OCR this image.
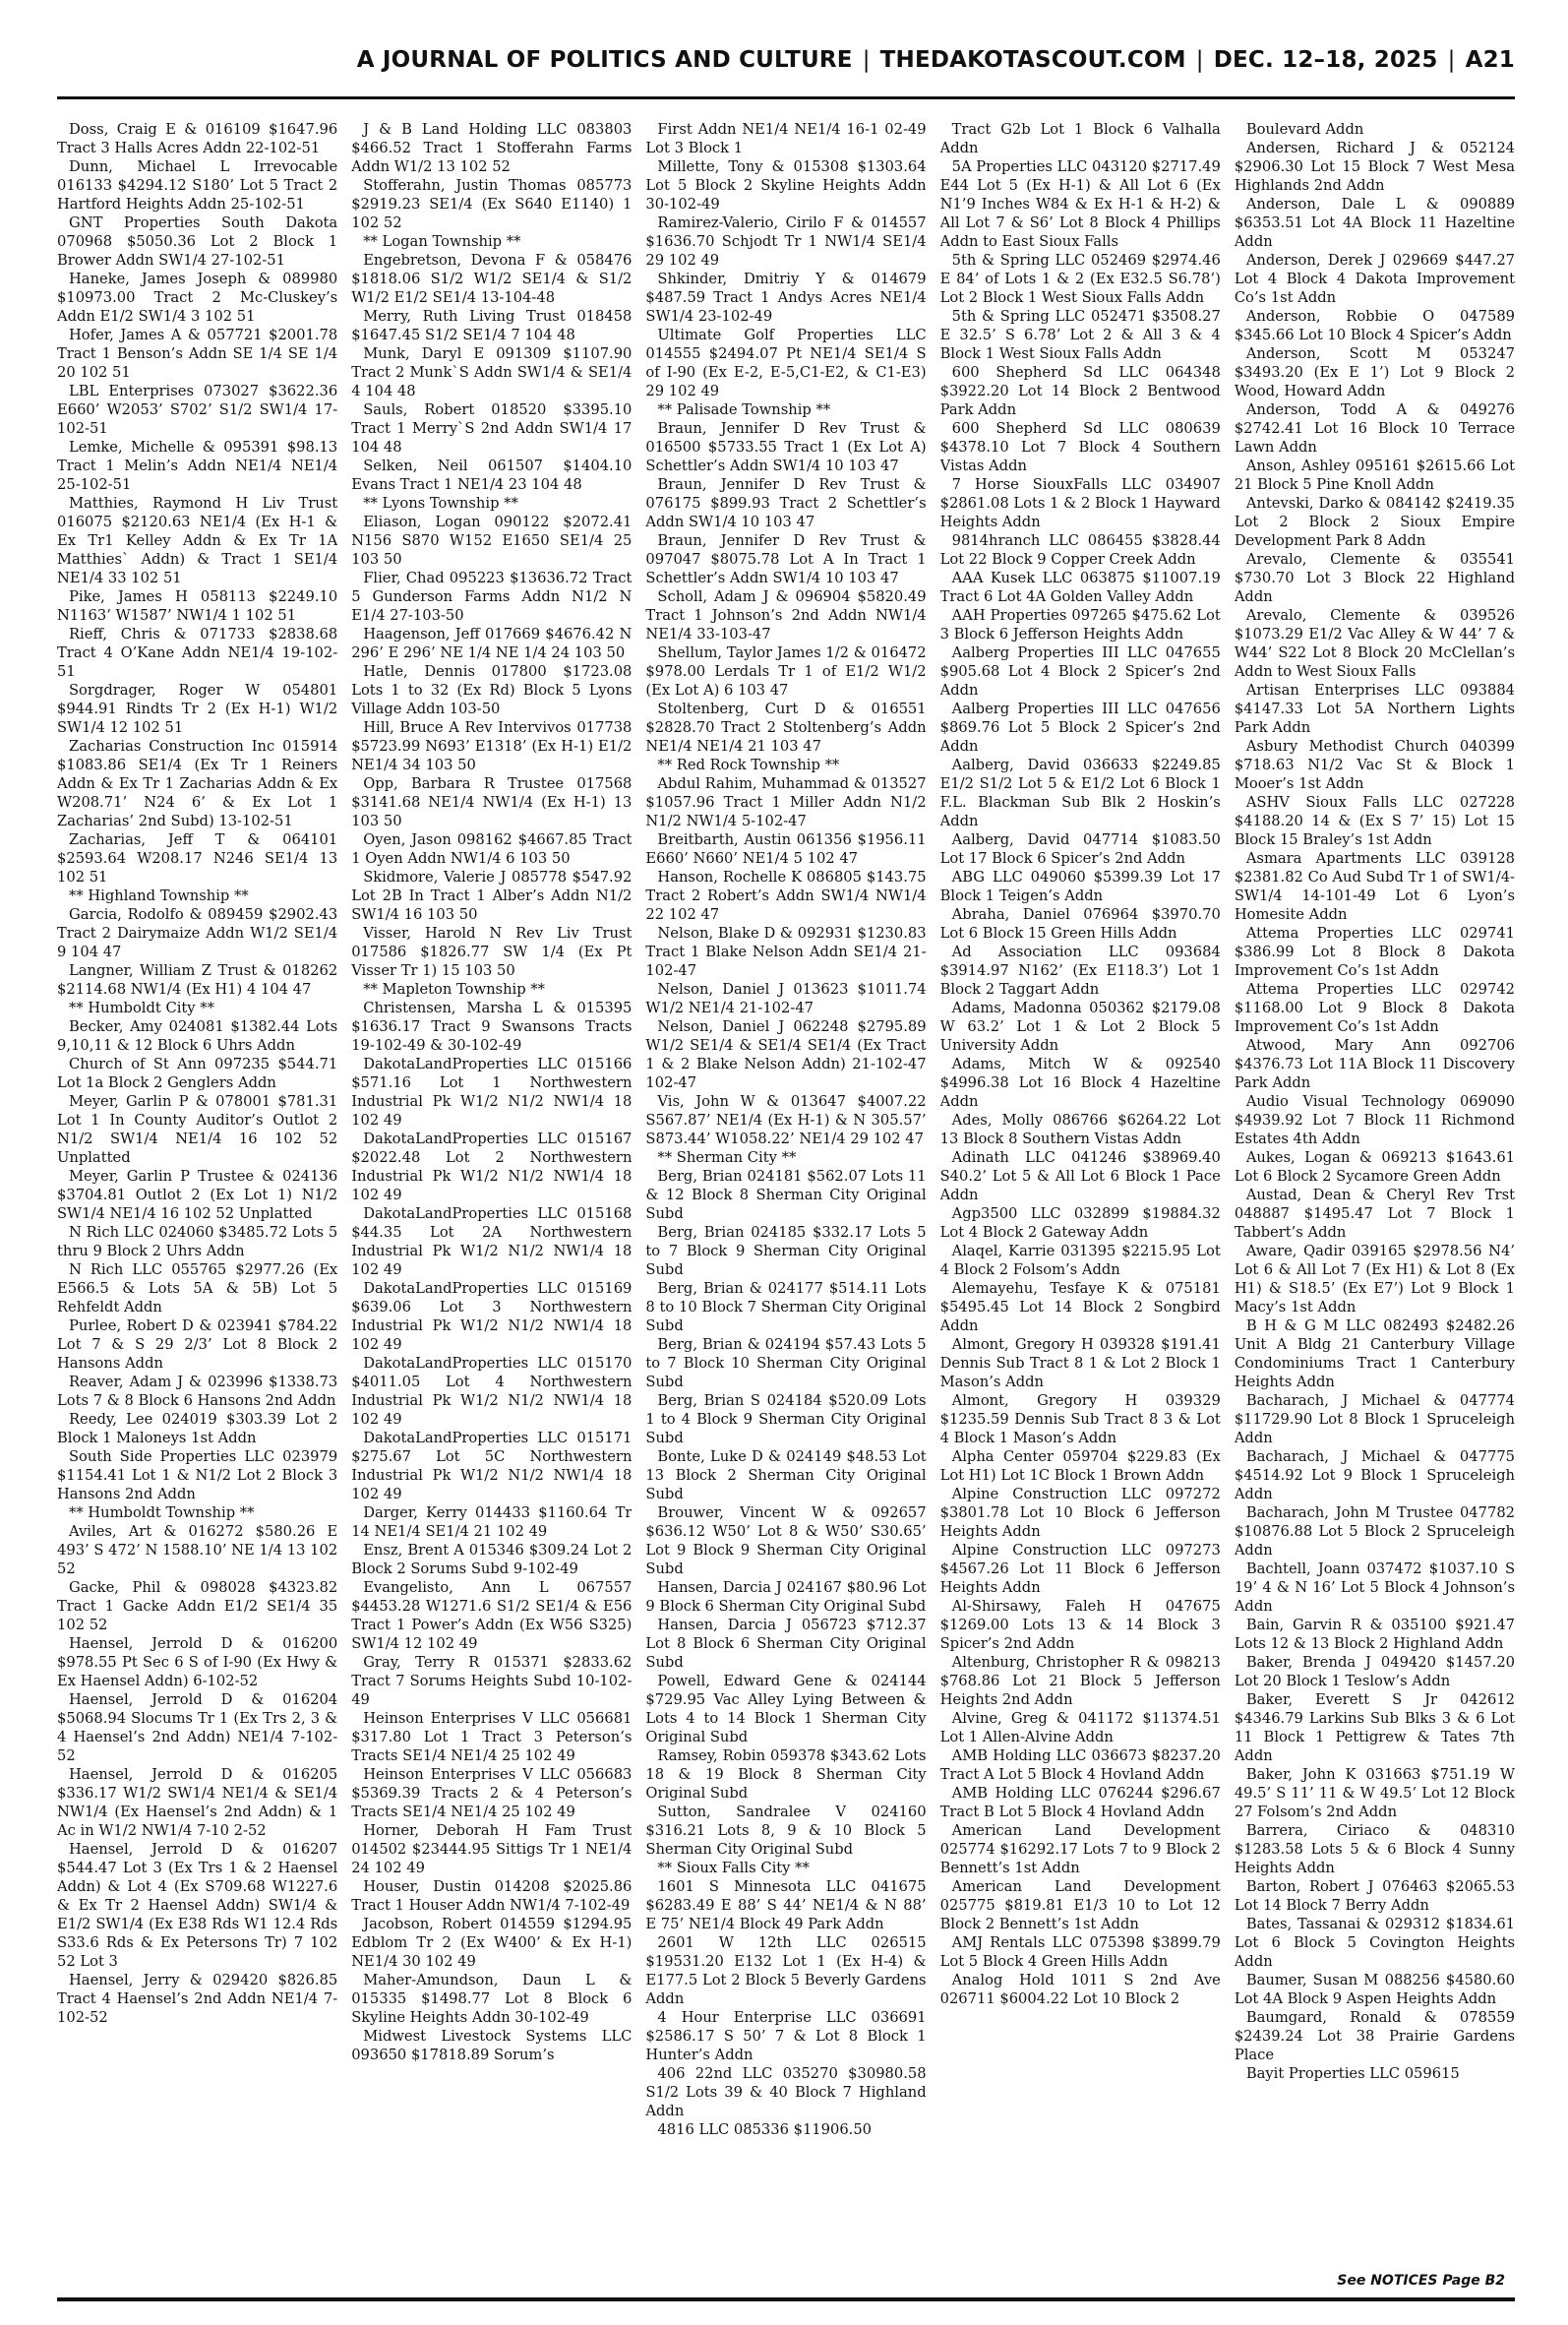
A JOURNAL OF POLITICS AND CULTURE | THEDAKOTASCOUT.COM | DEC. 12–18, 2025 | A21

Doss, Craig E & 016109 $1647.96 Tract 3 Halls Acres Addn 22-102-51

Dunn, Michael L Irrevocable 016133 $4294.12 S180’ Lot 5 Tract 2 Hartford Heights Addn 25-102-51

GNT Properties South Dakota 070968 $5050.36 Lot 2 Block 1 Brower Addn SW1/4 27-102-51

Haneke, James Joseph & 089980 $10973.00 Tract 2 Mc-Cluskey’s Addn E1/2 SW1/4 3 102 51

Hofer, James A & 057721 $2001.78 Tract 1 Benson’s Addn SE 1/4 SE 1/4 20 102 51

LBL Enterprises 073027 $3622.36 E660’ W2053’ S702’ S1/2 SW1/4 17-102-51

Lemke, Michelle & 095391 $98.13 Tract 1 Melin’s Addn NE1/4 NE1/4 25-102-51

Matthies, Raymond H Liv Trust 016075 $2120.63 NE1/4 (Ex H-1 & Ex Tr1 Kelley Addn & Ex Tr 1A Matthies` Addn) & Tract 1 SE1/4 NE1/4 33 102 51

Pike, James H 058113 $2249.10 N1163’ W1587’ NW1/4 1 102 51

Rieff, Chris & 071733 $2838.68 Tract 4 O’Kane Addn NE1/4 19-102-51

Sorgdrager, Roger W 054801 $944.91 Rindts Tr 2 (Ex H-1) W1/2 SW1/4 12 102 51

Zacharias Construction Inc 015914 $1083.86 SE1/4 (Ex Tr 1 Reiners Addn & Ex Tr 1 Zacharias Addn & Ex W208.71’ N24 6’ & Ex Lot 1 Zacharias’ 2nd Subd) 13-102-51

Zacharias, Jeff T & 064101 $2593.64 W208.17 N246 SE1/4 13 102 51

** Highland Township **

Garcia, Rodolfo & 089459 $2902.43 Tract 2 Dairymaize Addn W1/2 SE1/4 9 104 47

Langner, William Z Trust & 018262 $2114.68 NW1/4 (Ex H1) 4 104 47

** Humboldt City **

Becker, Amy 024081 $1382.44 Lots 9,10,11 & 12 Block 6 Uhrs Addn

Church of St Ann 097235 $544.71 Lot 1a Block 2 Genglers Addn

Meyer, Garlin P & 078001 $781.31 Lot 1 In County Auditor’s Outlot 2 N1/2 SW1/4 NE1/4 16 102 52 Unplatted

Meyer, Garlin P Trustee & 024136 $3704.81 Outlot 2 (Ex Lot 1) N1/2 SW1/4 NE1/4 16 102 52 Unplatted

N Rich LLC 024060 $3485.72 Lots 5 thru 9 Block 2 Uhrs Addn

N Rich LLC 055765 $2977.26 (Ex E566.5 & Lots 5A & 5B) Lot 5 Rehfeldt Addn

Purlee, Robert D & 023941 $784.22 Lot 7 & S 29 2/3’ Lot 8 Block 2 Hansons Addn

Reaver, Adam J & 023996 $1338.73 Lots 7 & 8 Block 6 Hansons 2nd Addn

Reedy, Lee 024019 $303.39 Lot 2 Block 1 Maloneys 1st Addn

South Side Properties LLC 023979 $1154.41 Lot 1 & N1/2 Lot 2 Block 3 Hansons 2nd Addn

** Humboldt Township **

Aviles, Art & 016272 $580.26 E 493’ S 472’ N 1588.10’ NE 1/4 13 102 52

Gacke, Phil & 098028 $4323.82 Tract 1 Gacke Addn E1/2 SE1/4 35 102 52

Haensel, Jerrold D & 016200 $978.55 Pt Sec 6 S of I-90 (Ex Hwy & Ex Haensel Addn) 6-102-52

Haensel, Jerrold D & 016204 $5068.94 Slocums Tr 1 (Ex Trs 2, 3 & 4 Haensel’s 2nd Addn) NE1/4 7-102-52

Haensel, Jerrold D & 016205 $336.17 W1/2 SW1/4 NE1/4 & SE1/4 NW1/4 (Ex Haensel’s 2nd Addn) & 1 Ac in W1/2 NW1/4 7-10 2-52

Haensel, Jerrold D & 016207 $544.47 Lot 3 (Ex Trs 1 & 2 Haensel Addn) & Lot 4 (Ex S709.68 W1227.6 & Ex Tr 2 Haensel Addn) SW1/4 & E1/2 SW1/4 (Ex E38 Rds W1 12.4 Rds S33.6 Rds & Ex Petersons Tr) 7 102 52 Lot 3

Haensel, Jerry & 029420 $826.85 Tract 4 Haensel’s 2nd Addn NE1/4 7- 102-52

J & B Land Holding LLC 083803 $466.52 Tract 1 Stofferahn Farms Addn W1/2 13 102 52

Stofferahn, Justin Thomas 085773 $2919.23 SE1/4 (Ex S640 E1140) 1 102 52

** Logan Township **

Engebretson, Devona F & 058476 $1818.06 S1/2 W1/2 SE1/4 & S1/2 W1/2 E1/2 SE1/4 13-104-48

Merry, Ruth Living Trust 018458 $1647.45 S1/2 SE1/4 7 104 48

Munk, Daryl E 091309 $1107.90 Tract 2 Munk`S Addn SW1/4 & SE1/4 4 104 48

Sauls, Robert 018520 $3395.10 Tract 1 Merry`S 2nd Addn SW1/4 17 104 48

Selken, Neil 061507 $1404.10 Evans Tract 1 NE1/4 23 104 48

** Lyons Township **

Eliason, Logan 090122 $2072.41 N156 S870 W152 E1650 SE1/4 25 103 50

Flier, Chad 095223 $13636.72 Tract 5 Gunderson Farms Addn N1/2 N E1/4 27-103-50

Haagenson, Jeff 017669 $4676.42 N 296’ E 296’ NE 1/4 NE 1/4 24 103 50

Hatle, Dennis 017800 $1723.08 Lots 1 to 32 (Ex Rd) Block 5 Lyons Village Addn 103-50

Hill, Bruce A Rev Intervivos 017738 $5723.99 N693’ E1318’ (Ex H-1) E1/2 NE1/4 34 103 50

Opp, Barbara R Trustee 017568 $3141.68 NE1/4 NW1/4 (Ex H-1) 13 103 50

Oyen, Jason 098162 $4667.85 Tract 1 Oyen Addn NW1/4 6 103 50

Skidmore, Valerie J 085778 $547.92 Lot 2B In Tract 1 Alber’s Addn N1/2 SW1/4 16 103 50

Visser, Harold N Rev Liv Trust 017586 $1826.77 SW 1/4 (Ex Pt Visser Tr 1) 15 103 50

** Mapleton Township **

Christensen, Marsha L & 015395 $1636.17 Tract 9 Swansons Tracts 19-102-49 & 30-102-49

DakotaLandProperties LLC 015166 $571.16 Lot 1 Northwestern Industrial Pk W1/2 N1/2 NW1/4 18 102 49

DakotaLandProperties LLC 015167 $2022.48 Lot 2 Northwestern Industrial Pk W1/2 N1/2 NW1/4 18 102 49

DakotaLandProperties LLC 015168 $44.35 Lot 2A Northwestern Industrial Pk W1/2 N1/2 NW1/4 18 102 49

DakotaLandProperties LLC 015169 $639.06 Lot 3 Northwestern Industrial Pk W1/2 N1/2 NW1/4 18 102 49

DakotaLandProperties LLC 015170 $4011.05 Lot 4 Northwestern Industrial Pk W1/2 N1/2 NW1/4 18 102 49

DakotaLandProperties LLC 015171 $275.67 Lot 5C Northwestern Industrial Pk W1/2 N1/2 NW1/4 18 102 49

Darger, Kerry 014433 $1160.64 Tr 14 NE1/4 SE1/4 21 102 49

Ensz, Brent A 015346 $309.24 Lot 2 Block 2 Sorums Subd 9-102-49

Evangelisto, Ann L 067557 $4453.28 W1271.6 S1/2 SE1/4 & E56 Tract 1 Power’s Addn (Ex W56 S325) SW1/4 12 102 49

Gray, Terry R 015371 $2833.62 Tract 7 Sorums Heights Subd 10-102-49

Heinson Enterprises V LLC 056681 $317.80 Lot 1 Tract 3 Peterson’s Tracts SE1/4 NE1/4 25 102 49

Heinson Enterprises V LLC 056683 $5369.39 Tracts 2 & 4 Peterson’s Tracts SE1/4 NE1/4 25 102 49

Horner, Deborah H Fam Trust 014502 $23444.95 Sittigs Tr 1 NE1/4 24 102 49

Houser, Dustin 014208 $2025.86 Tract 1 Houser Addn NW1/4 7-102-49

Jacobson, Robert 014559 $1294.95 Edblom Tr 2 (Ex W400’ & Ex H-1) NE1/4 30 102 49

Maher-Amundson, Daun L & 015335 $1498.77 Lot 8 Block 6 Skyline Heights Addn 30-102-49

Midwest Livestock Systems LLC 093650 $17818.89 Sorum’s

First Addn NE1/4 NE1/4 16-1 02-49 Lot 3 Block 1

Millette, Tony & 015308 $1303.64 Lot 5 Block 2 Skyline Heights Addn 30-102-49

Ramirez-Valerio, Cirilo F & 014557 $1636.70 Schjodt Tr 1 NW1/4 SE1/4 29 102 49

Shkinder, Dmitriy Y & 014679 $487.59 Tract 1 Andys Acres NE1/4 SW1/4 23-102-49

Ultimate Golf Properties LLC 014555 $2494.07 Pt NE1/4 SE1/4 S of I-90 (Ex E-2, E-5,C1-E2, & C1-E3) 29 102 49

** Palisade Township **

Braun, Jennifer D Rev Trust & 016500 $5733.55 Tract 1 (Ex Lot A) Schettler’s Addn SW1/4 10 103 47

Braun, Jennifer D Rev Trust & 076175 $899.93 Tract 2 Schettler’s Addn SW1/4 10 103 47

Braun, Jennifer D Rev Trust & 097047 $8075.78 Lot A In Tract 1 Schettler’s Addn SW1/4 10 103 47

Scholl, Adam J & 096904 $5820.49 Tract 1 Johnson’s 2nd Addn NW1/4 NE1/4 33-103-47

Shellum, Taylor James 1/2 & 016472 $978.00 Lerdals Tr 1 of E1/2 W1/2 (Ex Lot A) 6 103 47

Stoltenberg, Curt D & 016551 $2828.70 Tract 2 Stoltenberg’s Addn NE1/4 NE1/4 21 103 47

** Red Rock Township **

Abdul Rahim, Muhammad & 013527 $1057.96 Tract 1 Miller Addn N1/2 N1/2 NW1/4 5-102-47

Breitbarth, Austin 061356 $1956.11 E660’ N660’ NE1/4 5 102 47

Hanson, Rochelle K 086805 $143.75 Tract 2 Robert’s Addn SW1/4 NW1/4 22 102 47

Nelson, Blake D & 092931 $1230.83 Tract 1 Blake Nelson Addn SE1/4 21- 102-47

Nelson, Daniel J 013623 $1011.74 W1/2 NE1/4 21-102-47

Nelson, Daniel J 062248 $2795.89 W1/2 SE1/4 & SE1/4 SE1/4 (Ex Tract 1 & 2 Blake Nelson Addn) 21-102-47 102-47

Vis, John W & 013647 $4007.22 S567.87’ NE1/4 (Ex H-1) & N 305.57’ S873.44’ W1058.22’ NE1/4 29 102 47

** Sherman City **

Berg, Brian 024181 $562.07 Lots 11 & 12 Block 8 Sherman City Original Subd

Berg, Brian 024185 $332.17 Lots 5 to 7 Block 9 Sherman City Original Subd

Berg, Brian & 024177 $514.11 Lots 8 to 10 Block 7 Sherman City Original Subd

Berg, Brian & 024194 $57.43 Lots 5 to 7 Block 10 Sherman City Original Subd

Berg, Brian S 024184 $520.09 Lots 1 to 4 Block 9 Sherman City Original Subd

Bonte, Luke D & 024149 $48.53 Lot 13 Block 2 Sherman City Original Subd

Brouwer, Vincent W & 092657 $636.12 W50’ Lot 8 & W50’ S30.65’ Lot 9 Block 9 Sherman City Original Subd

Hansen, Darcia J 024167 $80.96 Lot 9 Block 6 Sherman City Original Subd

Hansen, Darcia J 056723 $712.37 Lot 8 Block 6 Sherman City Original Subd

Powell, Edward Gene & 024144 $729.95 Vac Alley Lying Between & Lots 4 to 14 Block 1 Sherman City Original Subd

Ramsey, Robin 059378 $343.62 Lots 18 & 19 Block 8 Sherman City Original Subd

Sutton, Sandralee V 024160 $316.21 Lots 8, 9 & 10 Block 5 Sherman City Original Subd

** Sioux Falls City **

1601 S Minnesota LLC 041675 $6283.49 E 88’ S 44’ NE1/4 & N 88’ E 75’ NE1/4 Block 49 Park Addn

2601 W 12th LLC 026515 $19531.20 E132 Lot 1 (Ex H-4) & E177.5 Lot 2 Block 5 Beverly Gardens Addn

4 Hour Enterprise LLC 036691 $2586.17 S 50’ 7 & Lot 8 Block 1 Hunter’s Addn

406 22nd LLC 035270 $30980.58 S1/2 Lots 39 & 40 Block 7 Highland Addn

4816 LLC 085336 $11906.50

Tract G2b Lot 1 Block 6 Valhalla Addn

5A Properties LLC 043120 $2717.49 E44 Lot 5 (Ex H-1) & All Lot 6 (Ex N1’9 Inches W84 & Ex H-1 & H-2) & All Lot 7 & S6’ Lot 8 Block 4 Phillips Addn to East Sioux Falls

5th & Spring LLC 052469 $2974.46 E 84’ of Lots 1 & 2 (Ex E32.5 S6.78’) Lot 2 Block 1 West Sioux Falls Addn

5th & Spring LLC 052471 $3508.27 E 32.5’ S 6.78’ Lot 2 & All 3 & 4 Block 1 West Sioux Falls Addn

600 Shepherd Sd LLC 064348 $3922.20 Lot 14 Block 2 Bentwood Park Addn

600 Shepherd Sd LLC 080639 $4378.10 Lot 7 Block 4 Southern Vistas Addn

7 Horse SiouxFalls LLC 034907 $2861.08 Lots 1 & 2 Block 1 Hayward Heights Addn

9814hranch LLC 086455 $3828.44 Lot 22 Block 9 Copper Creek Addn

AAA Kusek LLC 063875 $11007.19 Tract 6 Lot 4A Golden Valley Addn

AAH Properties 097265 $475.62 Lot 3 Block 6 Jefferson Heights Addn

Aalberg Properties III LLC 047655 $905.68 Lot 4 Block 2 Spicer’s 2nd Addn

Aalberg Properties III LLC 047656 $869.76 Lot 5 Block 2 Spicer’s 2nd Addn

Aalberg, David 036633 $2249.85 E1/2 S1/2 Lot 5 & E1/2 Lot 6 Block 1 F.L. Blackman Sub Blk 2 Hoskin’s Addn

Aalberg, David 047714 $1083.50 Lot 17 Block 6 Spicer’s 2nd Addn

ABG LLC 049060 $5399.39 Lot 17 Block 1 Teigen’s Addn

Abraha, Daniel 076964 $3970.70 Lot 6 Block 15 Green Hills Addn

Ad Association LLC 093684 $3914.97 N162’ (Ex E118.3’) Lot 1 Block 2 Taggart Addn

Adams, Madonna 050362 $2179.08 W 63.2’ Lot 1 & Lot 2 Block 5 University Addn

Adams, Mitch W & 092540 $4996.38 Lot 16 Block 4 Hazeltine Addn

Ades, Molly 086766 $6264.22 Lot 13 Block 8 Southern Vistas Addn

Adinath LLC 041246 $38969.40 S40.2’ Lot 5 & All Lot 6 Block 1 Pace Addn

Agp3500 LLC 032899 $19884.32 Lot 4 Block 2 Gateway Addn

Alaqel, Karrie 031395 $2215.95 Lot 4 Block 2 Folsom’s Addn

Alemayehu, Tesfaye K & 075181 $5495.45 Lot 14 Block 2 Songbird Addn

Almont, Gregory H 039328 $191.41 Dennis Sub Tract 8 1 & Lot 2 Block 1 Mason’s Addn

Almont, Gregory H 039329 $1235.59 Dennis Sub Tract 8 3 & Lot 4 Block 1 Mason’s Addn

Alpha Center 059704 $229.83 (Ex Lot H1) Lot 1C Block 1 Brown Addn

Alpine Construction LLC 097272 $3801.78 Lot 10 Block 6 Jefferson Heights Addn

Alpine Construction LLC 097273 $4567.26 Lot 11 Block 6 Jefferson Heights Addn

Al-Shirsawy, Faleh H 047675 $1269.00 Lots 13 & 14 Block 3 Spicer’s 2nd Addn

Altenburg, Christopher R & 098213 $768.86 Lot 21 Block 5 Jefferson Heights 2nd Addn

Alvine, Greg & 041172 $11374.51 Lot 1 Allen-Alvine Addn

AMB Holding LLC 036673 $8237.20 Tract A Lot 5 Block 4 Hovland Addn

AMB Holding LLC 076244 $296.67 Tract B Lot 5 Block 4 Hovland Addn

American Land Development 025774 $16292.17 Lots 7 to 9 Block 2 Bennett’s 1st Addn

American Land Development 025775 $819.81 E1/3 10 to Lot 12 Block 2 Bennett’s 1st Addn

AMJ Rentals LLC 075398 $3899.79 Lot 5 Block 4 Green Hills Addn

Analog Hold 1011 S 2nd Ave 026711 $6004.22 Lot 10 Block 2

Boulevard Addn

Andersen, Richard J & 052124 $2906.30 Lot 15 Block 7 West Mesa Highlands 2nd Addn

Anderson, Dale L & 090889 $6353.51 Lot 4A Block 11 Hazeltine Addn

Anderson, Derek J 029669 $447.27 Lot 4 Block 4 Dakota Improvement Co’s 1st Addn

Anderson, Robbie O 047589 $345.66 Lot 10 Block 4 Spicer’s Addn

Anderson, Scott M 053247 $3493.20 (Ex E 1’) Lot 9 Block 2 Wood, Howard Addn

Anderson, Todd A & 049276 $2742.41 Lot 16 Block 10 Terrace Lawn Addn

Anson, Ashley 095161 $2615.66 Lot 21 Block 5 Pine Knoll Addn

Antevski, Darko & 084142 $2419.35 Lot 2 Block 2 Sioux Empire Development Park 8 Addn

Arevalo, Clemente & 035541 $730.70 Lot 3 Block 22 Highland Addn

Arevalo, Clemente & 039526 $1073.29 E1/2 Vac Alley & W 44’ 7 & W44’ S22 Lot 8 Block 20 McClellan’s Addn to West Sioux Falls

Artisan Enterprises LLC 093884 $4147.33 Lot 5A Northern Lights Park Addn

Asbury Methodist Church 040399 $718.63 N1/2 Vac St & Block 1 Mooer’s 1st Addn

ASHV Sioux Falls LLC 027228 $4188.20 14 & (Ex S 7’ 15) Lot 15 Block 15 Braley’s 1st Addn

Asmara Apartments LLC 039128 $2381.82 Co Aud Subd Tr 1 of SW1/4-SW1/4 14-101-49 Lot 6 Lyon’s Homesite Addn

Attema Properties LLC 029741 $386.99 Lot 8 Block 8 Dakota Improvement Co’s 1st Addn

Attema Properties LLC 029742 $1168.00 Lot 9 Block 8 Dakota Improvement Co’s 1st Addn

Atwood, Mary Ann 092706 $4376.73 Lot 11A Block 11 Discovery Park Addn

Audio Visual Technology 069090 $4939.92 Lot 7 Block 11 Richmond Estates 4th Addn

Aukes, Logan & 069213 $1643.61 Lot 6 Block 2 Sycamore Green Addn

Austad, Dean & Cheryl Rev Trst 048887 $1495.47 Lot 7 Block 1 Tabbert’s Addn

Aware, Qadir 039165 $2978.56 N4’ Lot 6 & All Lot 7 (Ex H1) & Lot 8 (Ex H1) & S18.5’ (Ex E7’) Lot 9 Block 1 Macy’s 1st Addn

B H & G M LLC 082493 $2482.26 Unit A Bldg 21 Canterbury Village Condominiums Tract 1 Canterbury Heights Addn

Bacharach, J Michael & 047774 $11729.90 Lot 8 Block 1 Spruceleigh Addn

Bacharach, J Michael & 047775 $4514.92 Lot 9 Block 1 Spruceleigh Addn

Bacharach, John M Trustee 047782 $10876.88 Lot 5 Block 2 Spruceleigh Addn

Bachtell, Joann 037472 $1037.10 S 19’ 4 & N 16’ Lot 5 Block 4 Johnson’s Addn

Bain, Garvin R & 035100 $921.47 Lots 12 & 13 Block 2 Highland Addn

Baker, Brenda J 049420 $1457.20 Lot 20 Block 1 Teslow’s Addn

Baker, Everett S Jr 042612 $4346.79 Larkins Sub Blks 3 & 6 Lot 11 Block 1 Pettigrew & Tates 7th Addn

Baker, John K 031663 $751.19 W 49.5’ S 11’ 11 & W 49.5’ Lot 12 Block 27 Folsom’s 2nd Addn

Barrera, Ciriaco & 048310 $1283.58 Lots 5 & 6 Block 4 Sunny Heights Addn

Barton, Robert J 076463 $2065.53 Lot 14 Block 7 Berry Addn

Bates, Tassanai & 029312 $1834.61 Lot 6 Block 5 Covington Heights Addn

Baumer, Susan M 088256 $4580.60 Lot 4A Block 9 Aspen Heights Addn

Baumgard, Ronald & 078559 $2439.24 Lot 38 Prairie Gardens Place

Bayit Properties LLC 059615

See NOTICES Page B2
